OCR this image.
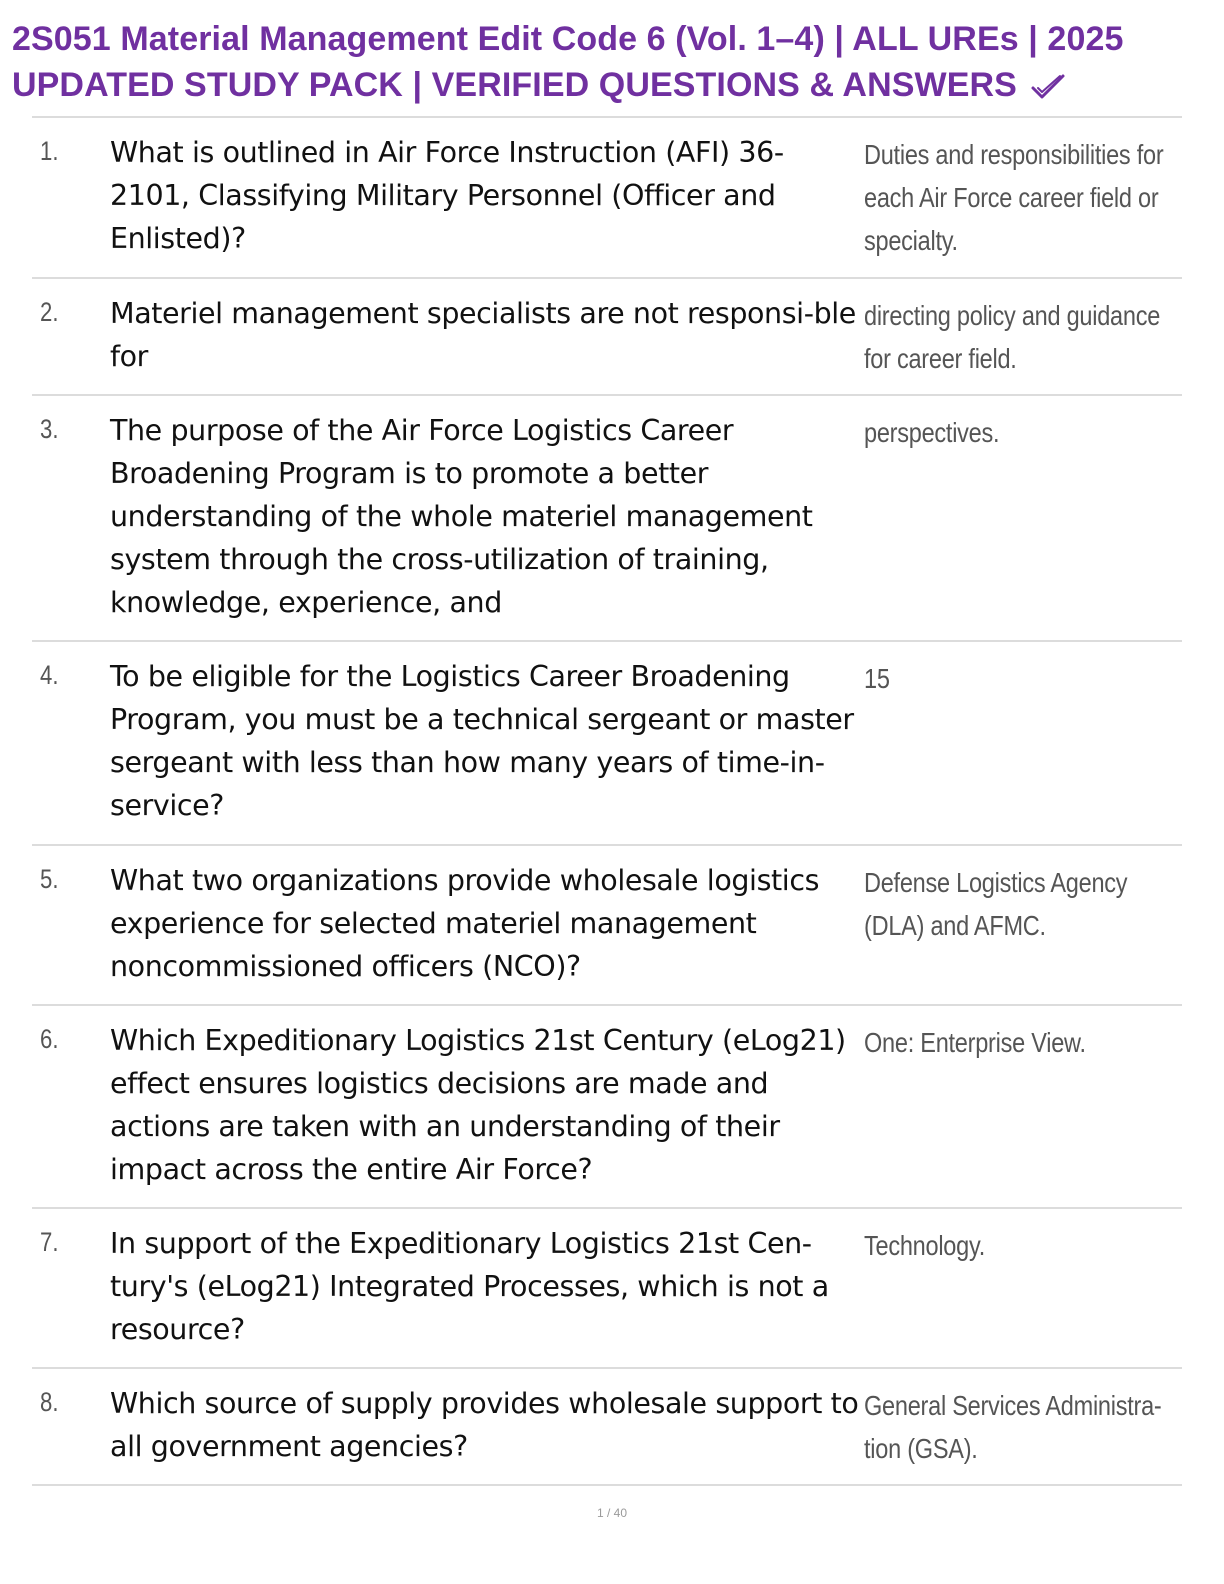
2S051 Material Management Edit Code 6 (Vol. 1–4) | ALL UREs | 2025
UPDATED STUDY PACK | VERIFIED QUESTIONS & ANSWERS
1. What is outlined in Air Force Instruction (AFI) 36-2101, Classifying Military Personnel (Officer and Enlisted)?
Duties and responsibilities for each Air Force career field or specialty.
2. Materiel management specialists are not responsi-ble for
directing policy and guidance for career field.
3. The purpose of the Air Force Logistics Career Broadening Program is to promote a better understanding of the whole materiel management system through the cross-utilization of training, knowledge, experience, and
perspectives.
4. To be eligible for the Logistics Career Broadening Program, you must be a technical sergeant or master sergeant with less than how many years of time-in-service?
15
5. What two organizations provide wholesale logistics experience for selected materiel management noncommissioned officers (NCO)?
Defense Logistics Agency (DLA) and AFMC.
6. Which Expeditionary Logistics 21st Century (eLog21) effect ensures logistics decisions are made and actions are taken with an understanding of their impact across the entire Air Force?
One: Enterprise View.
7. In support of the Expeditionary Logistics 21st Cen-tury's (eLog21) Integrated Processes, which is not a resource?
Technology.
8. Which source of supply provides wholesale support to all government agencies?
General Services Administra-tion (GSA).
1 / 40
